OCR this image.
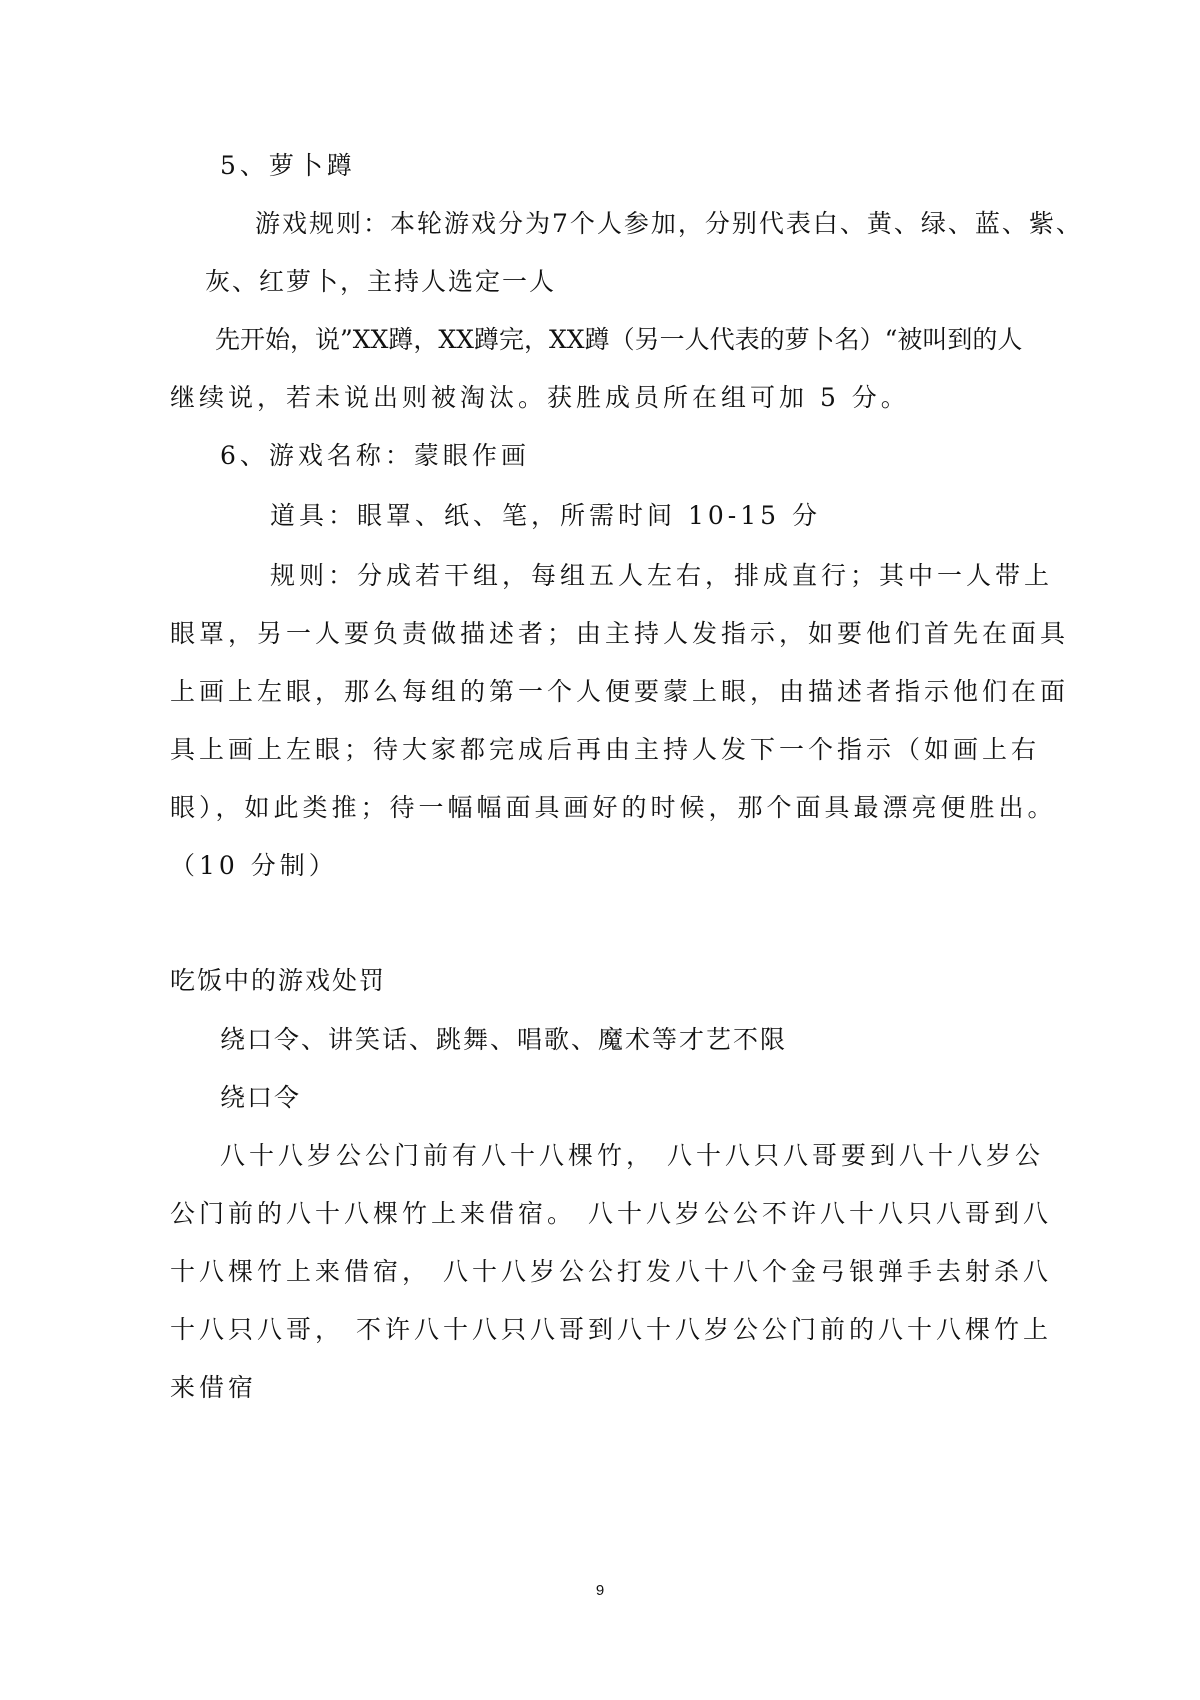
5、萝卜蹲
游戏规则：本轮游戏分为7个人参加，分别代表白、黄、绿、蓝、紫、
灰、红萝卜，主持人选定一人
先开始，说”XX蹲，XX蹲完，XX蹲（另一人代表的萝卜名）“被叫到的人
继续说，若未说出则被淘汰。获胜成员所在组可加 5 分。
6、游戏名称：蒙眼作画
道具：眼罩、纸、笔，所需时间 10-15 分
规则：分成若干组，每组五人左右，排成直行；其中一人带上
眼罩，另一人要负责做描述者；由主持人发指示，如要他们首先在面具
上画上左眼，那么每组的第一个人便要蒙上眼，由描述者指示他们在面
具上画上左眼；待大家都完成后再由主持人发下一个指示（如画上右
眼），如此类推；待一幅幅面具画好的时候，那个面具最漂亮便胜出。
（10 分制）
吃饭中的游戏处罚
绕口令、讲笑话、跳舞、唱歌、魔术等才艺不限
绕口令
八十八岁公公门前有八十八棵竹， 八十八只八哥要到八十八岁公
公门前的八十八棵竹上来借宿。 八十八岁公公不许八十八只八哥到八
十八棵竹上来借宿， 八十八岁公公打发八十八个金弓银弹手去射杀八
十八只八哥， 不许八十八只八哥到八十八岁公公门前的八十八棵竹上
来借宿
9
